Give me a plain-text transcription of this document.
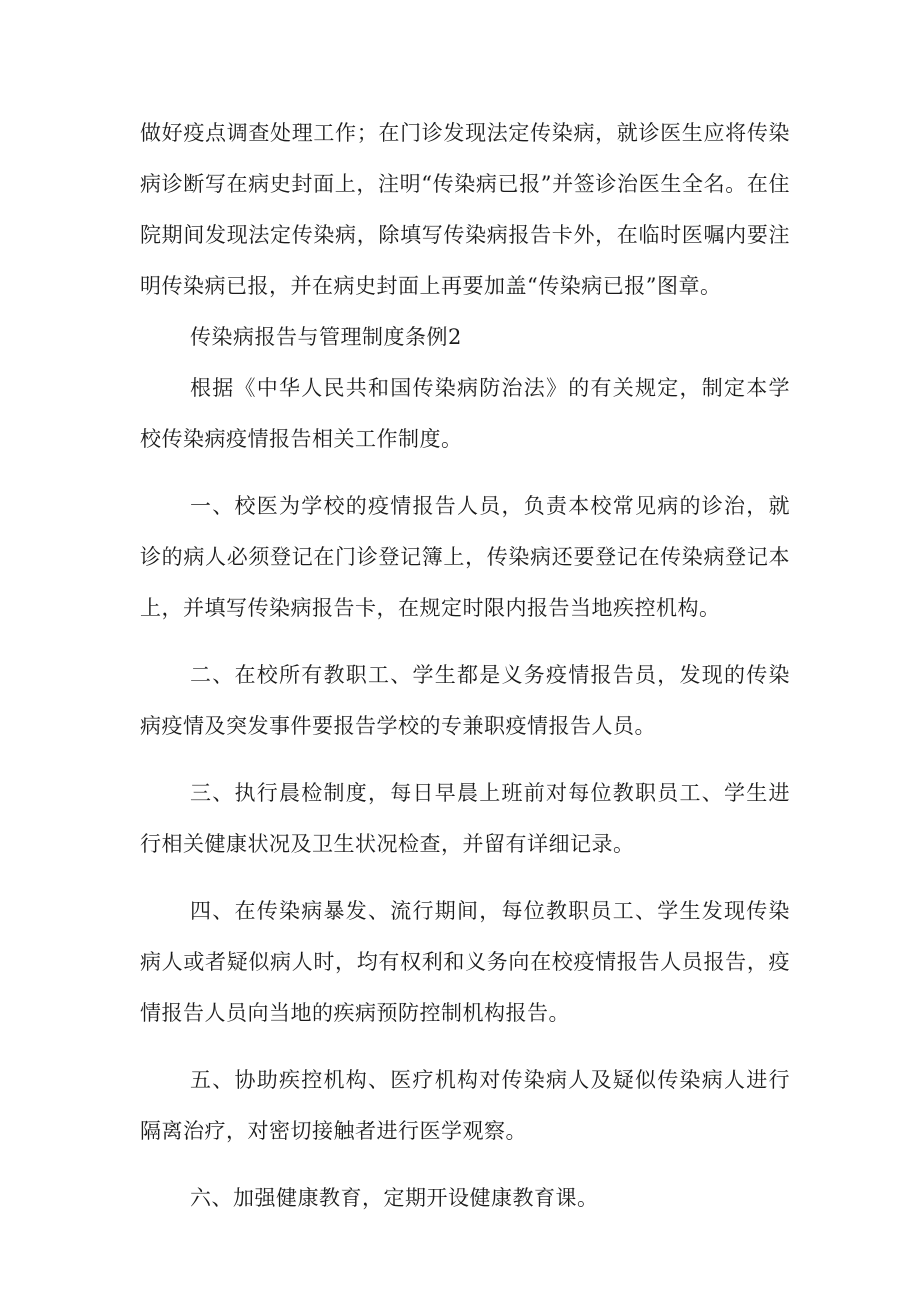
做好疫点调查处理工作；在门诊发现法定传染病，就诊医生应将传染病诊断写在病史封面上，注明“传染病已报”并签诊治医生全名。在住院期间发现法定传染病，除填写传染病报告卡外，在临时医嘱内要注明传染病已报，并在病史封面上再要加盖“传染病已报”图章。

传染病报告与管理制度条例2

根据《中华人民共和国传染病防治法》的有关规定，制定本学校传染病疫情报告相关工作制度。

一、校医为学校的疫情报告人员，负责本校常见病的诊治，就诊的病人必须登记在门诊登记簿上，传染病还要登记在传染病登记本上，并填写传染病报告卡，在规定时限内报告当地疾控机构。

二、在校所有教职工、学生都是义务疫情报告员，发现的传染病疫情及突发事件要报告学校的专兼职疫情报告人员。

三、执行晨检制度，每日早晨上班前对每位教职员工、学生进行相关健康状况及卫生状况检查，并留有详细记录。

四、在传染病暴发、流行期间，每位教职员工、学生发现传染病人或者疑似病人时，均有权利和义务向在校疫情报告人员报告，疫情报告人员向当地的疾病预防控制机构报告。

五、协助疾控机构、医疗机构对传染病人及疑似传染病人进行隔离治疗，对密切接触者进行医学观察。

六、加强健康教育，定期开设健康教育课。
